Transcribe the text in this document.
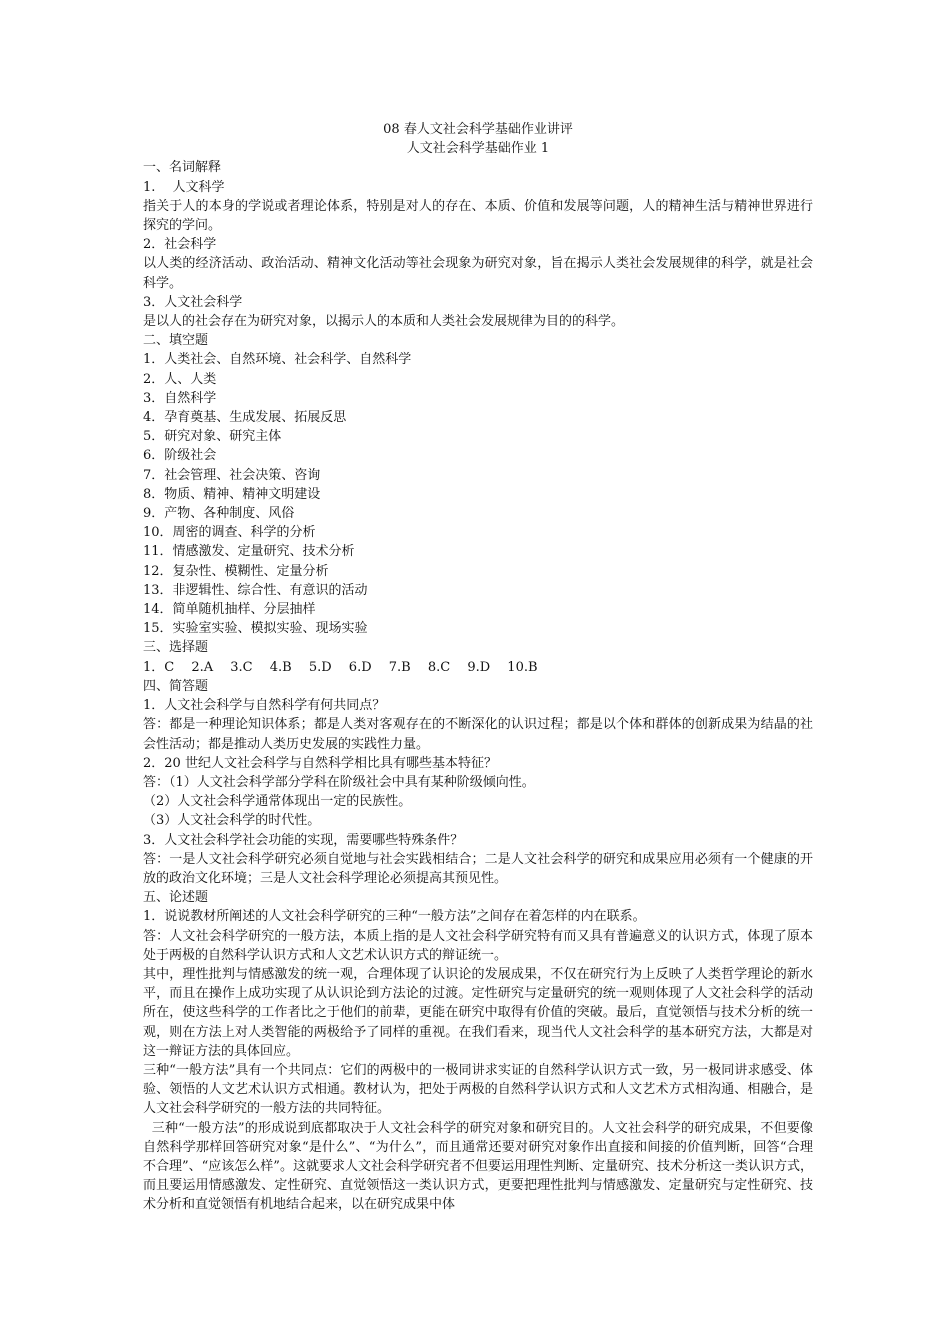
08 春人文社会科学基础作业讲评

人文社会科学基础作业 1

一、名词解释

1.　 人文科学

指关于人的本身的学说或者理论体系，特别是对人的存在、本质、价值和发展等问题，人的精神生活与精神世界进行探究的学问。

2．社会科学

以人类的经济活动、政治活动、精神文化活动等社会现象为研究对象，旨在揭示人类社会发展规律的科学，就是社会科学。

3．人文社会科学

是以人的社会存在为研究对象，以揭示人的本质和人类社会发展规律为目的的科学。

二、填空题

1．人类社会、自然环境、社会科学、自然科学

2．人、人类

3．自然科学

4．孕育奠基、生成发展、拓展反思

5．研究对象、研究主体

6．阶级社会

7．社会管理、社会决策、咨询

8．物质、精神、精神文明建设

9．产物、各种制度、风俗

10．周密的调查、科学的分析

11．情感激发、定量研究、技术分析

12．复杂性、模糊性、定量分析

13．非逻辑性、综合性、有意识的活动

14．简单随机抽样、分层抽样

15．实验室实验、模拟实验、现场实验

三、选择题

1．C　 2.A　 3.C　 4.B　 5.D　 6.D　 7.B　 8.C　 9.D　 10.B

四、简答题

1．人文社会科学与自然科学有何共同点？

答：都是一种理论知识体系；都是人类对客观存在的不断深化的认识过程；都是以个体和群体的创新成果为结晶的社会性活动；都是推动人类历史发展的实践性力量。

2．20 世纪人文社会科学与自然科学相比具有哪些基本特征？

答：（1）人文社会科学部分学科在阶级社会中具有某种阶级倾向性。

（2）人文社会科学通常体现出一定的民族性。

（3）人文社会科学的时代性。

3．人文社会科学社会功能的实现，需要哪些特殊条件？

答：一是人文社会科学研究必须自觉地与社会实践相结合；二是人文社会科学的研究和成果应用必须有一个健康的开放的政治文化环境；三是人文社会科学理论必须提高其预见性。

五、论述题

1．说说教材所阐述的人文社会科学研究的三种“一般方法”之间存在着怎样的内在联系。

答：人文社会科学研究的一般方法，本质上指的是人文社会科学研究特有而又具有普遍意义的认识方式，体现了原本处于两极的自然科学认识方式和人文艺术认识方式的辩证统一。

其中，理性批判与情感激发的统一观，合理体现了认识论的发展成果，不仅在研究行为上反映了人类哲学理论的新水平，而且在操作上成功实现了从认识论到方法论的过渡。定性研究与定量研究的统一观则体现了人文社会科学的活动所在，使这些科学的工作者比之于他们的前辈，更能在研究中取得有价值的突破。最后，直觉领悟与技术分析的统一观，则在方法上对人类智能的两极给予了同样的重视。在我们看来，现当代人文社会科学的基本研究方法，大都是对这一辩证方法的具体回应。

三种“一般方法”具有一个共同点：它们的两极中的一极同讲求实证的自然科学认识方式一致，另一极同讲求感受、体验、领悟的人文艺术认识方式相通。教材认为，把处于两极的自然科学认识方式和人文艺术方式相沟通、相融合，是人文社会科学研究的一般方法的共同特征。

三种“一般方法”的形成说到底都取决于人文社会科学的研究对象和研究目的。人文社会科学的研究成果，不但要像自然科学那样回答研究对象“是什么”、“为什么”，而且通常还要对研究对象作出直接和间接的价值判断，回答“合理不合理”、“应该怎么样”。这就要求人文社会科学研究者不但要运用理性判断、定量研究、技术分析这一类认识方式，而且要运用情感激发、定性研究、直觉领悟这一类认识方式，更要把理性批判与情感激发、定量研究与定性研究、技术分析和直觉领悟有机地结合起来，以在研究成果中体
